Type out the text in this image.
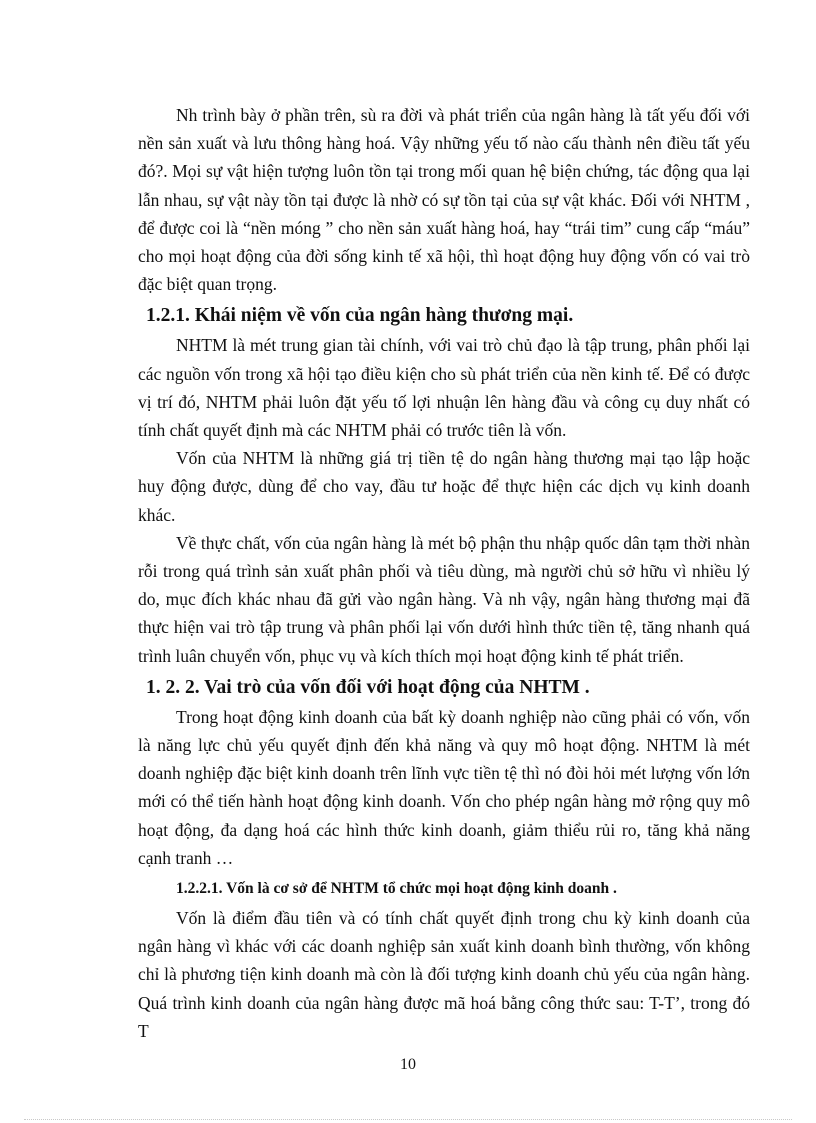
Nh trình bày ở phần trên, sù ra đời và phát triển của ngân hàng là tất yếu đối với nền sản xuất và lưu thông hàng hoá. Vậy những yếu tố nào cấu thành nên điều tất yếu đó?. Mọi sự vật hiện tượng luôn tồn tại trong mối quan hệ biện chứng, tác động qua lại lẫn nhau, sự vật này tồn tại được là nhờ có sự tồn tại của sự vật khác. Đối với NHTM , để được coi là “nền móng ” cho nền sản xuất hàng hoá, hay “trái tim” cung cấp “máu” cho mọi hoạt động của đời sống kinh tế xã hội, thì hoạt động huy động vốn có vai trò đặc biệt quan trọng.

1.2.1. Khái niệm về vốn của ngân hàng thương mại.

NHTM là mét trung gian tài chính, với vai trò chủ đạo là tập trung, phân phối lại các nguồn vốn trong xã hội tạo điều kiện cho sù phát triển của nền kinh tế. Để có được vị trí đó, NHTM phải luôn đặt yếu tố lợi nhuận lên hàng đầu và công cụ duy nhất có tính chất quyết định mà các NHTM phải có trước tiên là vốn.

Vốn của NHTM là những giá trị tiền tệ do ngân hàng thương mại tạo lập hoặc huy động được, dùng để cho vay, đầu tư hoặc để thực hiện các dịch vụ kinh doanh khác.

Về thực chất, vốn của ngân hàng là mét bộ phận thu nhập quốc dân tạm thời nhàn rỗi trong quá trình sản xuất phân phối và tiêu dùng, mà người chủ sở hữu vì nhiều lý do, mục đích khác nhau đã gửi vào ngân hàng. Và nh vậy, ngân hàng thương mại đã thực hiện vai trò tập trung và phân phối lại vốn dưới hình thức tiền tệ, tăng nhanh quá trình luân chuyển vốn, phục vụ và kích thích mọi hoạt động kinh tế phát triển.

1. 2. 2. Vai trò của vốn đối với hoạt động của NHTM .

Trong hoạt động kinh doanh của bất kỳ doanh nghiệp nào cũng phải có vốn, vốn là năng lực chủ yếu quyết định đến khả năng và quy mô hoạt động. NHTM là mét doanh nghiệp đặc biệt kinh doanh trên lĩnh vực tiền tệ thì nó đòi hỏi mét lượng vốn lớn mới có thể tiến hành hoạt động kinh doanh. Vốn cho phép ngân hàng mở rộng quy mô hoạt động, đa dạng hoá các hình thức kinh doanh, giảm thiểu rủi ro, tăng khả năng cạnh tranh …

1.2.2.1. Vốn là cơ sở để NHTM tổ chức mọi hoạt động kinh doanh .

Vốn là điểm đầu tiên và có tính chất quyết định trong chu kỳ kinh doanh của ngân hàng vì khác với các doanh nghiệp sản xuất kinh doanh bình thường, vốn không chỉ là phương tiện kinh doanh mà còn là đối tượng kinh doanh chủ yếu của ngân hàng. Quá trình kinh doanh của ngân hàng được mã hoá bằng công thức sau: T-T’, trong đó T

10
